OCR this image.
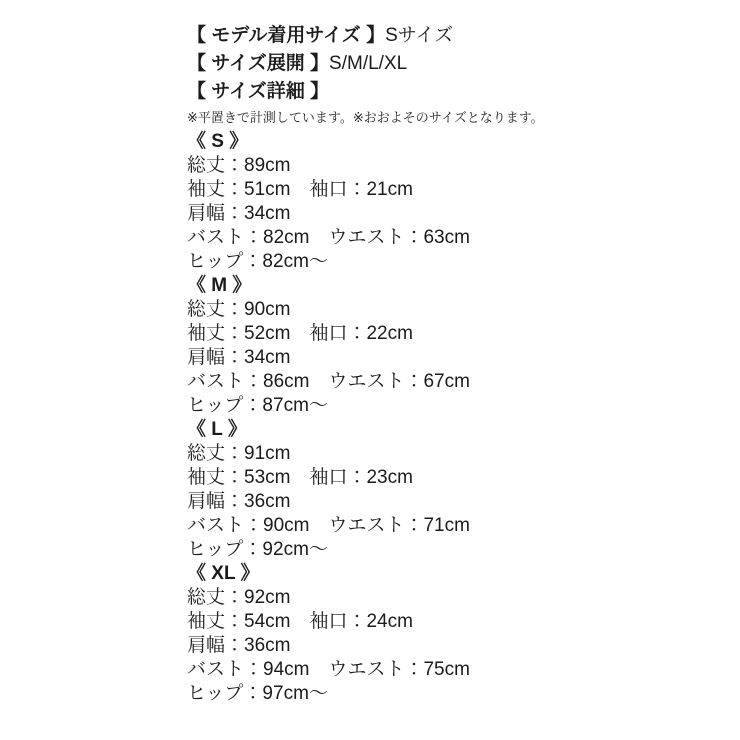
【 モデル着用サイズ 】Sサイズ
【 サイズ展開 】S/M/L/XL
【 サイズ詳細 】
※平置きで計測しています。※おおよそのサイズとなります。
《 S 》
総丈：89cm
袖丈：51cm　袖口：21cm
肩幅：34cm
バスト：82cm　ウエスト：63cm
ヒップ：82cm〜
《 M 》
総丈：90cm
袖丈：52cm　袖口：22cm
肩幅：34cm
バスト：86cm　ウエスト：67cm
ヒップ：87cm〜
《 L 》
総丈：91cm
袖丈：53cm　袖口：23cm
肩幅：36cm
バスト：90cm　ウエスト：71cm
ヒップ：92cm〜
《 XL 》
総丈：92cm
袖丈：54cm　袖口：24cm
肩幅：36cm
バスト：94cm　ウエスト：75cm
ヒップ：97cm〜
